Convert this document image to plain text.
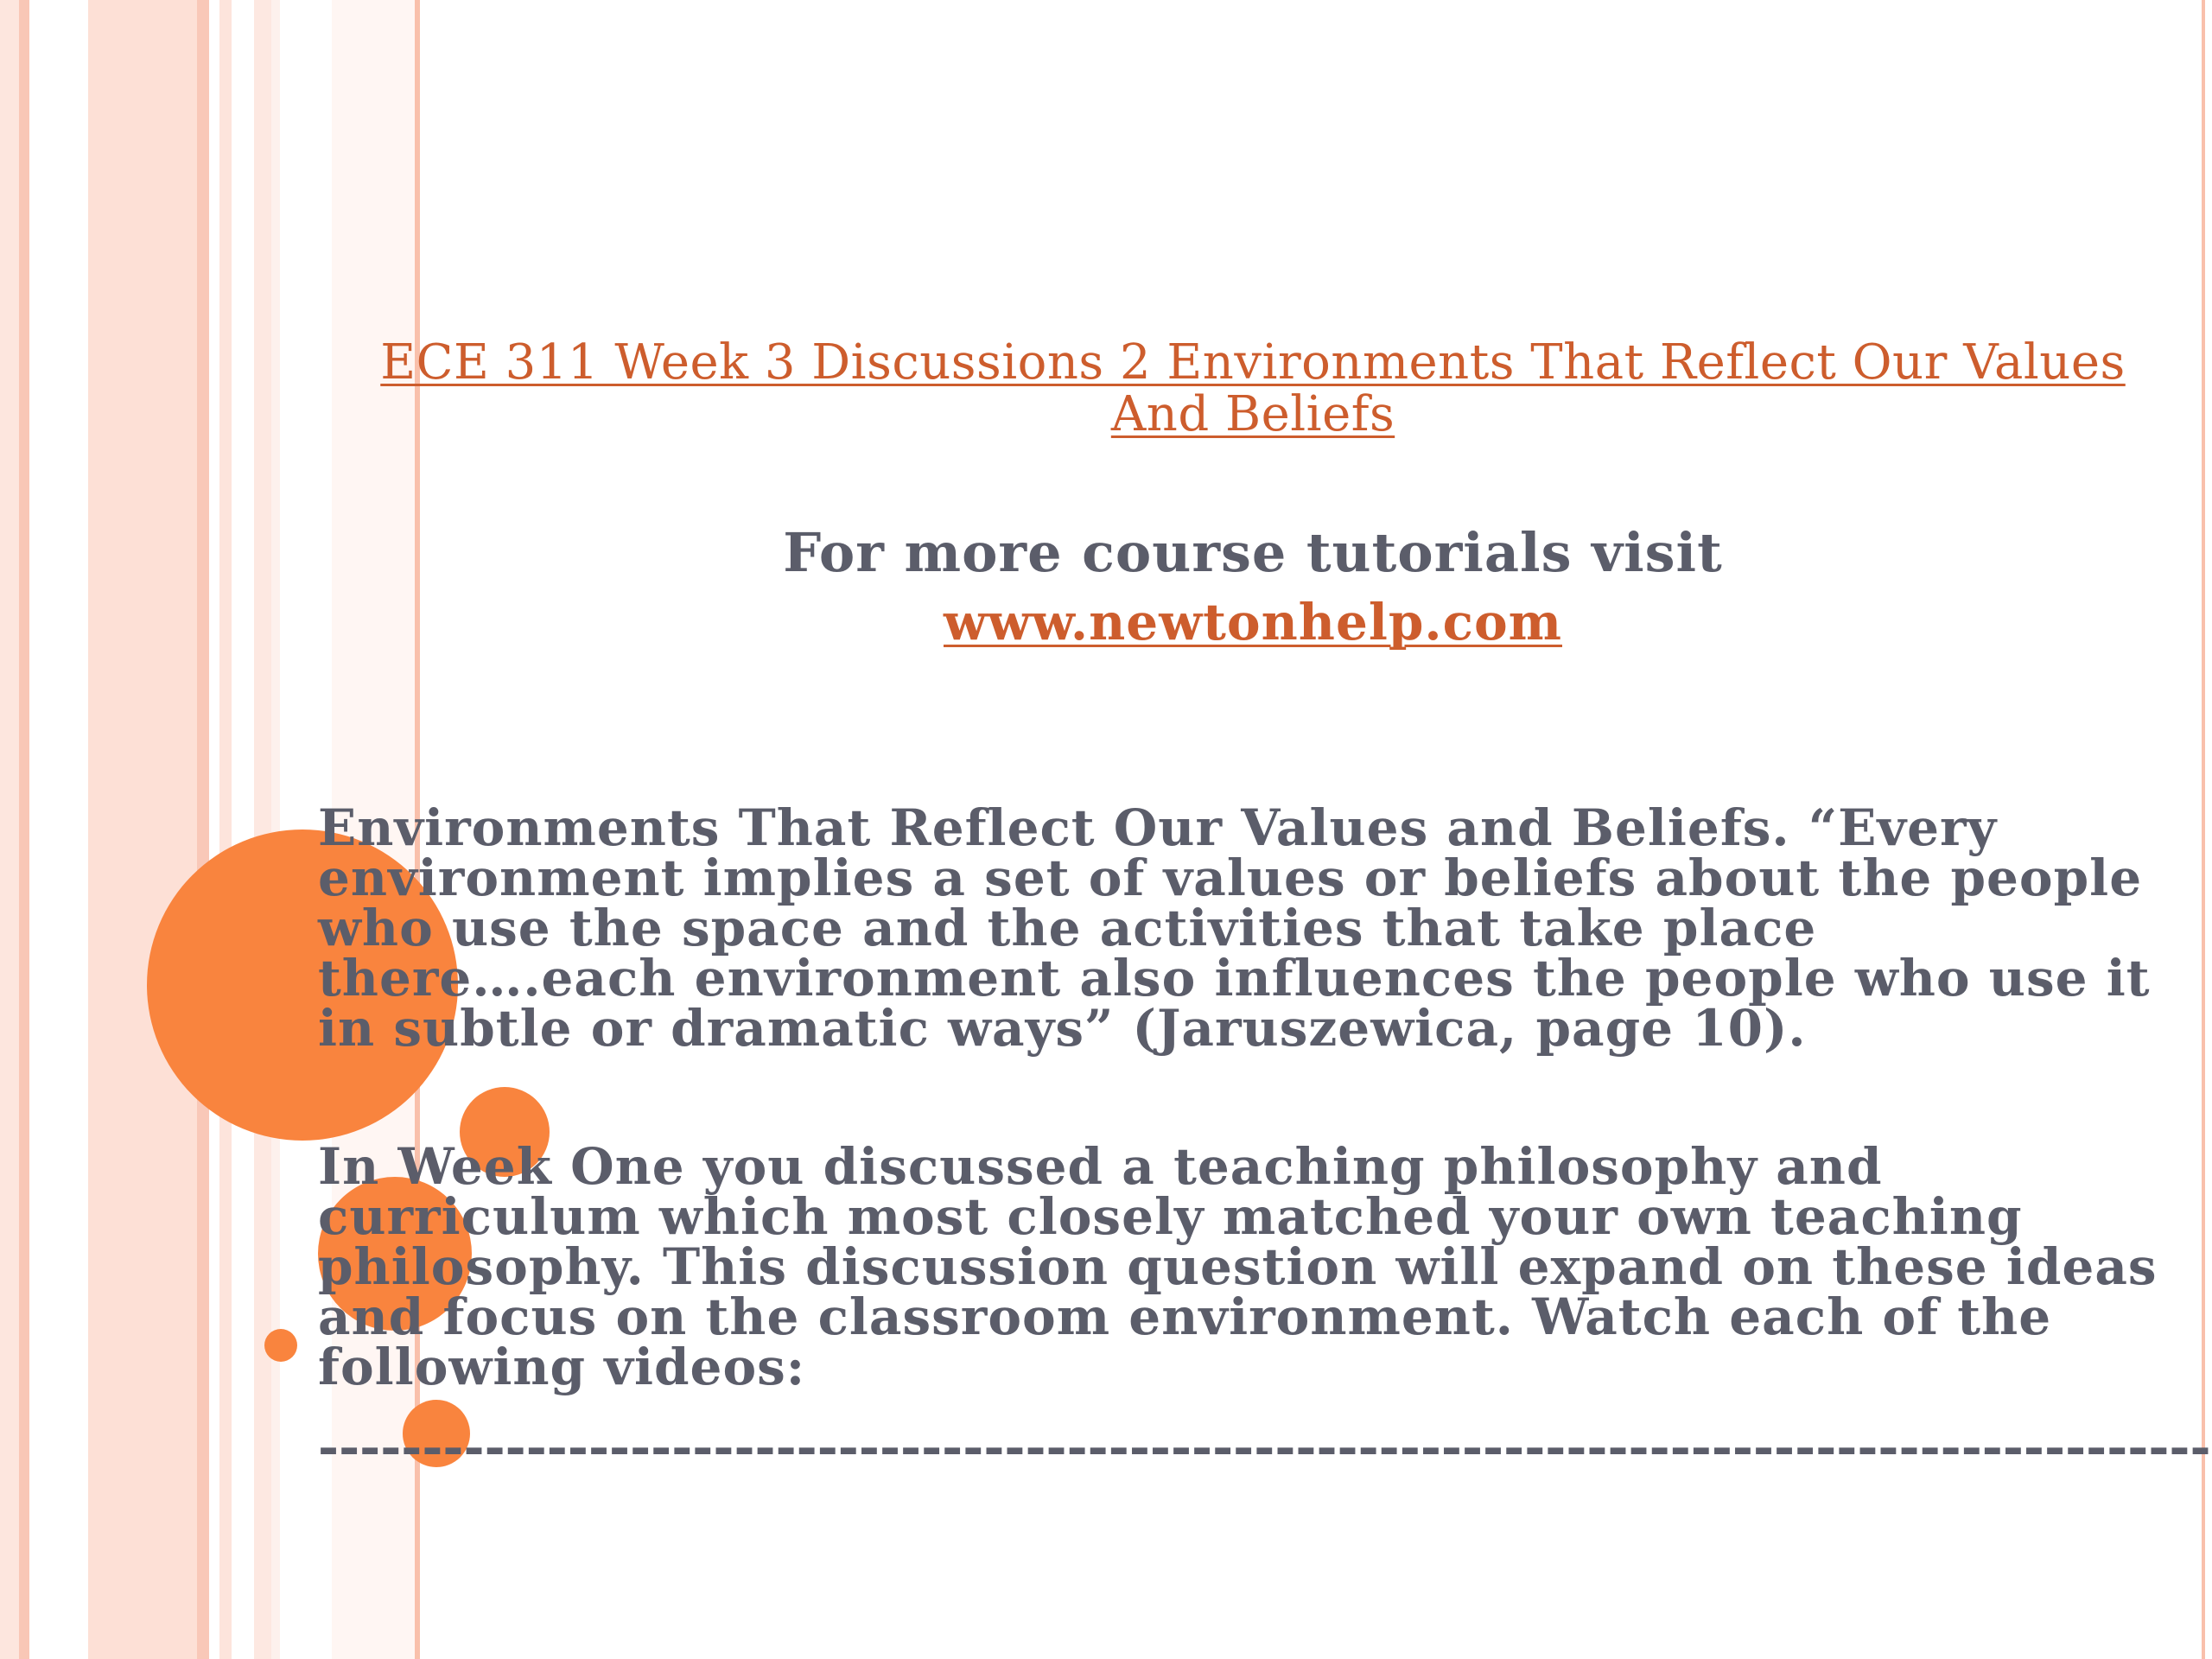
ECE 311 Week 3 Discussions 2 Environments That Reflect Our Values And Beliefs
For more course tutorials visit
www.newtonhelp.com

Environments That Reflect Our Values and Beliefs. “Every environment implies a set of values or beliefs about the people who use the space and the activities that take place there….each environment also influences the people who use it in subtle or dramatic ways” (Jaruszewica, page 10).

In Week One you discussed a teaching philosophy and curriculum which most closely matched your own teaching philosophy. This discussion question will expand on these ideas and focus on the classroom environment. Watch each of the following videos:

-------------------------------------------------------------------------------------------
